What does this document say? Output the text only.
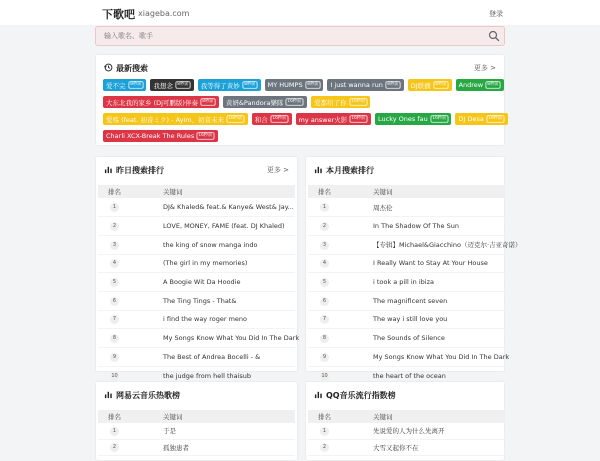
下歌吧 xiageba.com	登录
输入歌名、歌手
最新搜索	更多 >
爱不完 8秒前 我想念 8秒前 我等得了黄妙 8秒前 MY HUMPS 8秒前 I just wanna run 8秒前 DJ联播 8秒前 Andrew 8秒前
大东北我的家乡 (Dj可鹏版)伴奏 8秒前 黄妍&Pandora樂隊 16秒前 爱都给了你 16秒前
爱殇 (feat. 初音ミク) - Ayim、初音未来 16秒前 和合 16秒前 my answer火影 16秒前 Lucky Ones fau 16秒前 DJ Desa 16秒前
Charli XCX-Break The Rules 16秒前
昨日搜索排行	更多 >
排名	关键词
1	DJ& Khaled& feat.& Kanye& West& Jay...
2	LOVE, MONEY, FAME (feat. DJ Khaled)
3	the king of snow manga indo
4	(The girl in my memories)
5	A Boogie Wit Da Hoodie
6	The Ting Tings - That&
7	i find the way roger meno
8	My Songs Know What You Did In The Dark
9	The Best of Andrea Bocelli - &
10	the judge from hell thaisub
本月搜索排行
排名	关键词
1	周杰伦
2	In The Shadow Of The Sun
3	【专辑】Michael&Giacchino（迈克尔·吉亚奇诺）
4	I Really Want to Stay At Your House
5	i took a pill in ibiza
6	The magnificent seven
7	The way i still love you
8	The Sounds of Silence
9	My Songs Know What You Did In The Dark
10	the heart of the ocean
网易云音乐热歌榜
排名	关键词
1	于是
2	孤独患者
QQ音乐流行指数榜
排名	关键词
1	先说爱的人为什么先离开
2	大雪又起你不在
